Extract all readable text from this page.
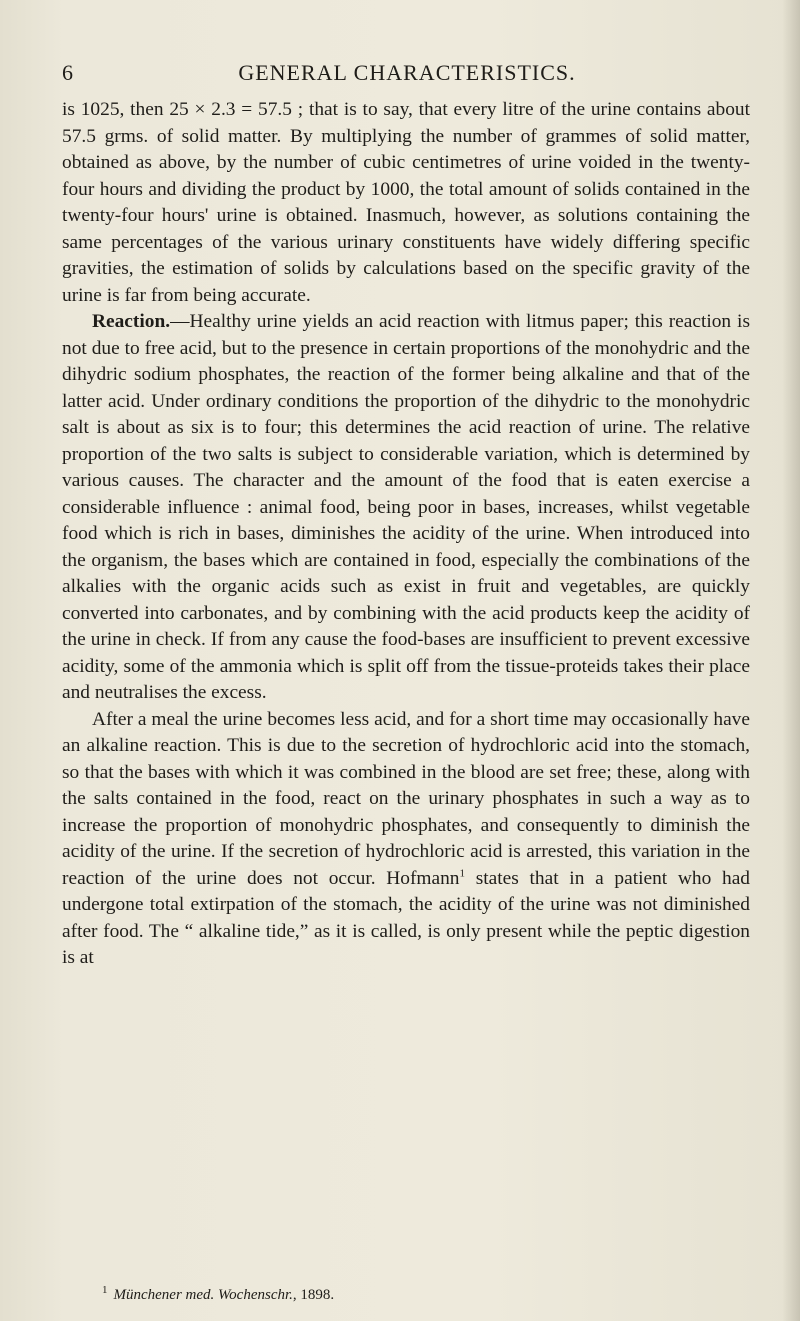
6	GENERAL CHARACTERISTICS.

is 1025, then 25 × 2.3 = 57.5 ; that is to say, that every litre of the urine contains about 57.5 grms. of solid matter. By multiplying the number of grammes of solid matter, obtained as above, by the number of cubic centimetres of urine voided in the twenty-four hours and dividing the product by 1000, the total amount of solids contained in the twenty-four hours' urine is obtained. Inasmuch, however, as solutions containing the same percentages of the various urinary constituents have widely differing specific gravities, the estimation of solids by calculations based on the specific gravity of the urine is far from being accurate.

Reaction.—Healthy urine yields an acid reaction with litmus paper; this reaction is not due to free acid, but to the presence in certain proportions of the monohydric and the dihydric sodium phosphates, the reaction of the former being alkaline and that of the latter acid. Under ordinary conditions the proportion of the dihydric to the monohydric salt is about as six is to four; this determines the acid reaction of urine. The relative proportion of the two salts is subject to considerable variation, which is determined by various causes. The character and the amount of the food that is eaten exercise a considerable influence : animal food, being poor in bases, increases, whilst vegetable food which is rich in bases, diminishes the acidity of the urine. When introduced into the organism, the bases which are contained in food, especially the combinations of the alkalies with the organic acids such as exist in fruit and vegetables, are quickly converted into carbonates, and by combining with the acid products keep the acidity of the urine in check. If from any cause the food-bases are insufficient to prevent excessive acidity, some of the ammonia which is split off from the tissue-proteids takes their place and neutralises the excess.

After a meal the urine becomes less acid, and for a short time may occasionally have an alkaline reaction. This is due to the secretion of hydrochloric acid into the stomach, so that the bases with which it was combined in the blood are set free; these, along with the salts contained in the food, react on the urinary phosphates in such a way as to increase the proportion of monohydric phosphates, and consequently to diminish the acidity of the urine. If the secretion of hydrochloric acid is arrested, this variation in the reaction of the urine does not occur. Hofmann$^1$ states that in a patient who had undergone total extirpation of the stomach, the acidity of the urine was not diminished after food. The “ alkaline tide,” as it is called, is only present while the peptic digestion is at

$^1$ Münchener med. Wochenschr., 1898.
